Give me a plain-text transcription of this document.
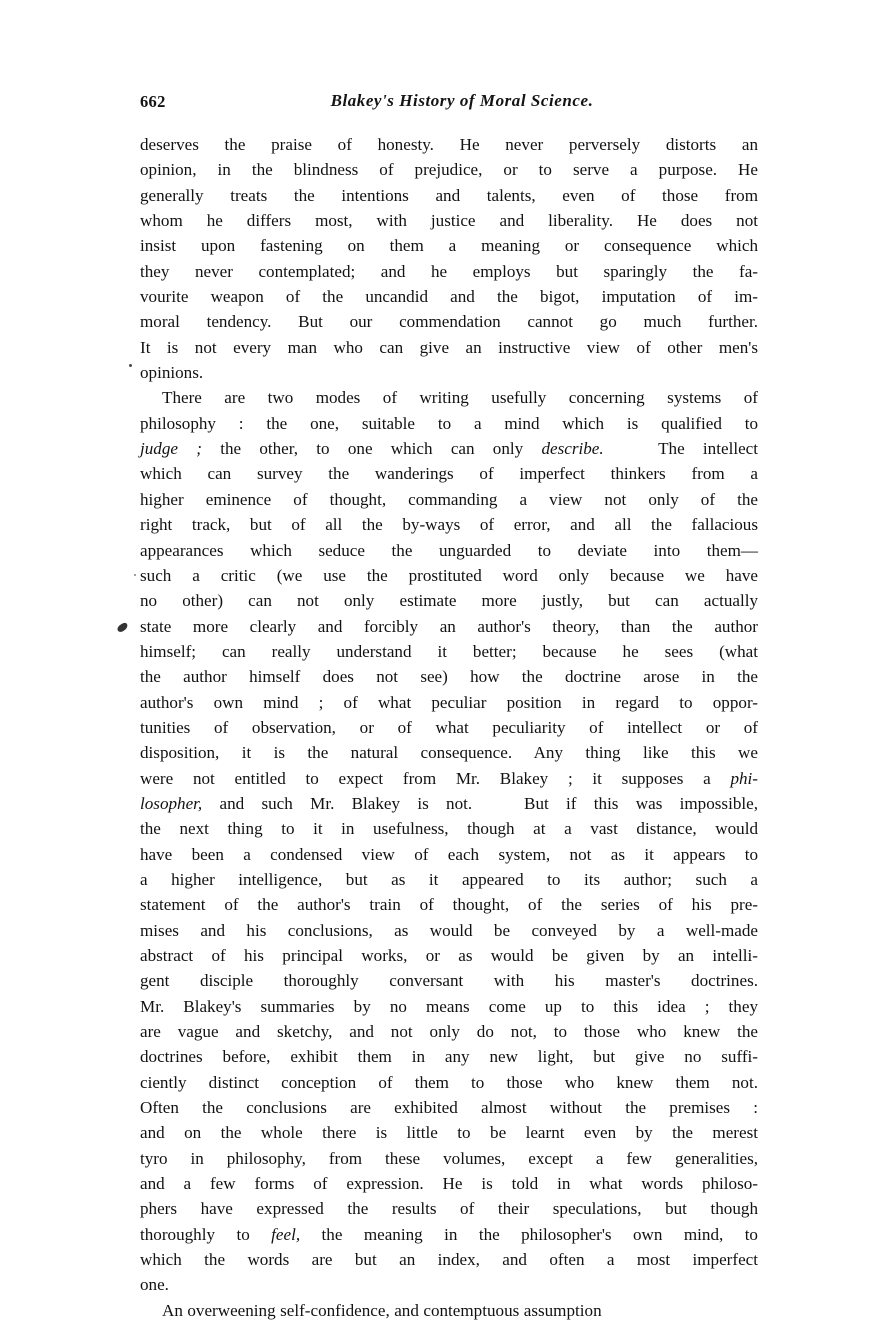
662	Blakey's History of Moral Science.

deserves the praise of honesty. He never perversely distorts an
opinion, in the blindness of prejudice, or to serve a purpose. He
generally treats the intentions and talents, even of those from
whom he differs most, with justice and liberality. He does not
insist upon fastening on them a meaning or consequence which
they never contemplated; and he employs but sparingly the fa-
vourite weapon of the uncandid and the bigot, imputation of im-
moral tendency. But our commendation cannot go much further.
It is not every man who can give an instructive view of other men's
opinions.

There are two modes of writing usefully concerning systems of
philosophy : the one, suitable to a mind which is qualified to
judge ; the other, to one which can only describe.   The intellect
which can survey the wanderings of imperfect thinkers from a
higher eminence of thought, commanding a view not only of the
right track, but of all the by-ways of error, and all the fallacious
appearances which seduce the unguarded to deviate into them—
such a critic (we use the prostituted word only because we have
no other) can not only estimate more justly, but can actually
state more clearly and forcibly an author's theory, than the author
himself; can really understand it better; because he sees (what
the author himself does not see) how the doctrine arose in the
author's own mind ; of what peculiar position in regard to oppor-
tunities of observation, or of what peculiarity of intellect or of
disposition, it is the natural consequence. Any thing like this we
were not entitled to expect from Mr. Blakey ; it supposes a phi-
losopher, and such Mr. Blakey is not.   But if this was impossible,
the next thing to it in usefulness, though at a vast distance, would
have been a condensed view of each system, not as it appears to
a higher intelligence, but as it appeared to its author; such a
statement of the author's train of thought, of the series of his pre-
mises and his conclusions, as would be conveyed by a well-made
abstract of his principal works, or as would be given by an intelli-
gent disciple thoroughly conversant with his master's doctrines.
Mr. Blakey's summaries by no means come up to this idea ; they
are vague and sketchy, and not only do not, to those who knew the
doctrines before, exhibit them in any new light, but give no suffi-
ciently distinct conception of them to those who knew them not.
Often the conclusions are exhibited almost without the premises :
and on the whole there is little to be learnt even by the merest
tyro in philosophy, from these volumes, except a few generalities,
and a few forms of expression. He is told in what words philoso-
phers have expressed the results of their speculations, but though
thoroughly to feel, the meaning in the philosopher's own mind, to
which the words are but an index, and often a most imperfect
one.

An overweening self-confidence, and contemptuous assumption
